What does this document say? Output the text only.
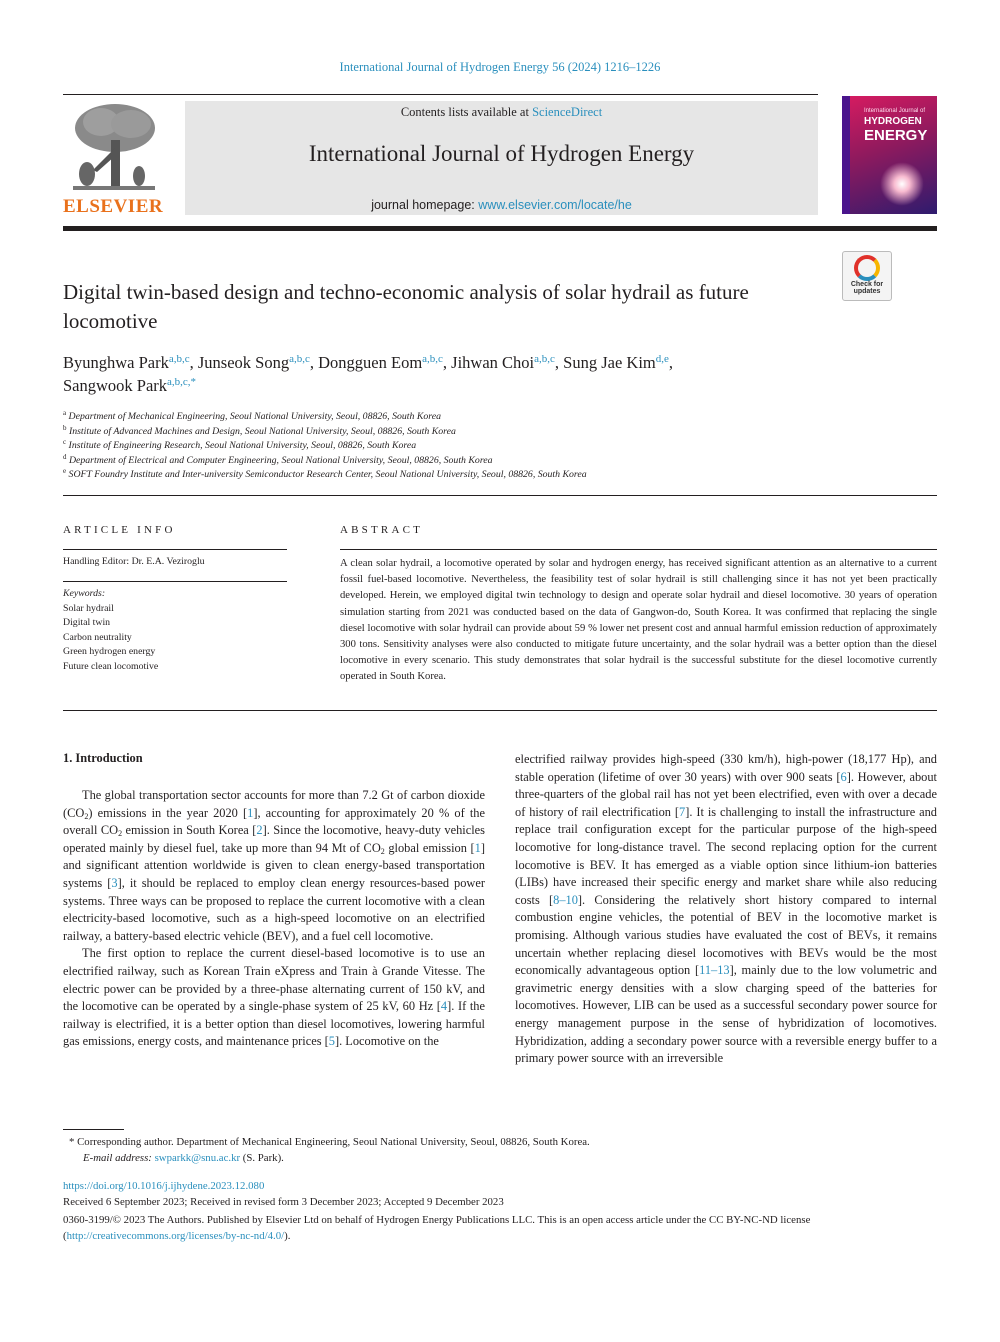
International Journal of Hydrogen Energy 56 (2024) 1216–1226
ELSEVIER
Contents lists available at ScienceDirect
International Journal of Hydrogen Energy
journal homepage: www.elsevier.com/locate/he
International Journal of
HYDROGEN
ENERGY
Check for
updates
Digital twin-based design and techno-economic analysis of solar hydrail as future locomotive
Byunghwa Park$^{a,b,c}$, Junseok Song$^{a,b,c}$, Dongguen Eom$^{a,b,c}$, Jihwan Choi$^{a,b,c}$, Sung Jae Kim$^{d,e}$,
Sangwook Park$^{a,b,c,*}$
$^a$ Department of Mechanical Engineering, Seoul National University, Seoul, 08826, South Korea
$^b$ Institute of Advanced Machines and Design, Seoul National University, Seoul, 08826, South Korea
$^c$ Institute of Engineering Research, Seoul National University, Seoul, 08826, South Korea
$^d$ Department of Electrical and Computer Engineering, Seoul National University, Seoul, 08826, South Korea
$^e$ SOFT Foundry Institute and Inter-university Semiconductor Research Center, Seoul National University, Seoul, 08826, South Korea
ARTICLE INFO	ABSTRACT
Handling Editor: Dr. E.A. Veziroglu
Keywords:
Solar hydrail
Digital twin
Carbon neutrality
Green hydrogen energy
Future clean locomotive
A clean solar hydrail, a locomotive operated by solar and hydrogen energy, has received significant attention as an alternative to a current fossil fuel-based locomotive. Nevertheless, the feasibility test of solar hydrail is still challenging since it has not yet been practically developed. Herein, we employed digital twin technology to design and operate solar hydrail and diesel locomotive. 30 years of operation simulation starting from 2021 was conducted based on the data of Gangwon-do, South Korea. It was confirmed that replacing the single diesel locomotive with solar hydrail can provide about 59 % lower net present cost and annual harmful emission reduction of approximately 300 tons. Sensitivity analyses were also conducted to mitigate future uncertainty, and the solar hydrail was a better option than the diesel locomotive in every scenario. This study demonstrates that solar hydrail is the successful substitute for the diesel locomotive currently operated in South Korea.
1. Introduction

The global transportation sector accounts for more than 7.2 Gt of carbon dioxide $(CO_2)$ emissions in the year 2020 [1], accounting for approximately 20 % of the overall $CO_2$ emission in South Korea [2]. Since the locomotive, heavy-duty vehicles operated mainly by diesel fuel, take up more than 94 Mt of $CO_2$ global emission [1] and significant attention worldwide is given to clean energy-based transportation systems [3], it should be replaced to employ clean energy resources-based power systems. Three ways can be proposed to replace the current locomotive with a clean electricity-based locomotive, such as a high-speed locomotive on an electrified railway, a battery-based electric vehicle (BEV), and a fuel cell locomotive.

The first option to replace the current diesel-based locomotive is to use an electrified railway, such as Korean Train eXpress and Train à Grande Vitesse. The electric power can be provided by a three-phase alternating current of 150 kV, and the locomotive can be operated by a single-phase system of 25 kV, 60 Hz [4]. If the railway is electrified, it is a better option than diesel locomotives, lowering harmful gas emissions, energy costs, and maintenance prices [5]. Locomotive on the

electrified railway provides high-speed (330 km/h), high-power (18,177 Hp), and stable operation (lifetime of over 30 years) with over 900 seats [6]. However, about three-quarters of the global rail has not yet been electrified, even with over a decade of history of rail electrification [7]. It is challenging to install the infrastructure and replace trail configuration except for the particular purpose of the high-speed locomotive for long-distance travel. The second replacing option for the current locomotive is BEV. It has emerged as a viable option since lithium-ion batteries (LIBs) have increased their specific energy and market share while also reducing costs [8–10]. Considering the relatively short history compared to internal combustion engine vehicles, the potential of BEV in the locomotive market is promising. Although various studies have evaluated the cost of BEVs, it remains uncertain whether replacing diesel locomotives with BEVs would be the most economically advantageous option [11–13], mainly due to the low volumetric and gravimetric energy densities with a slow charging speed of the batteries for locomotives. However, LIB can be used as a successful secondary power source for energy management purpose in the sense of hybridization of locomotives. Hybridization, adding a secondary power source with a reversible energy buffer to a primary power source with an irreversible

* Corresponding author. Department of Mechanical Engineering, Seoul National University, Seoul, 08826, South Korea.
E-mail address: swparkk@snu.ac.kr (S. Park).
https://doi.org/10.1016/j.ijhydene.2023.12.080
Received 6 September 2023; Received in revised form 3 December 2023; Accepted 9 December 2023
0360-3199/© 2023 The Authors. Published by Elsevier Ltd on behalf of Hydrogen Energy Publications LLC. This is an open access article under the CC BY-NC-ND license (http://creativecommons.org/licenses/by-nc-nd/4.0/).
